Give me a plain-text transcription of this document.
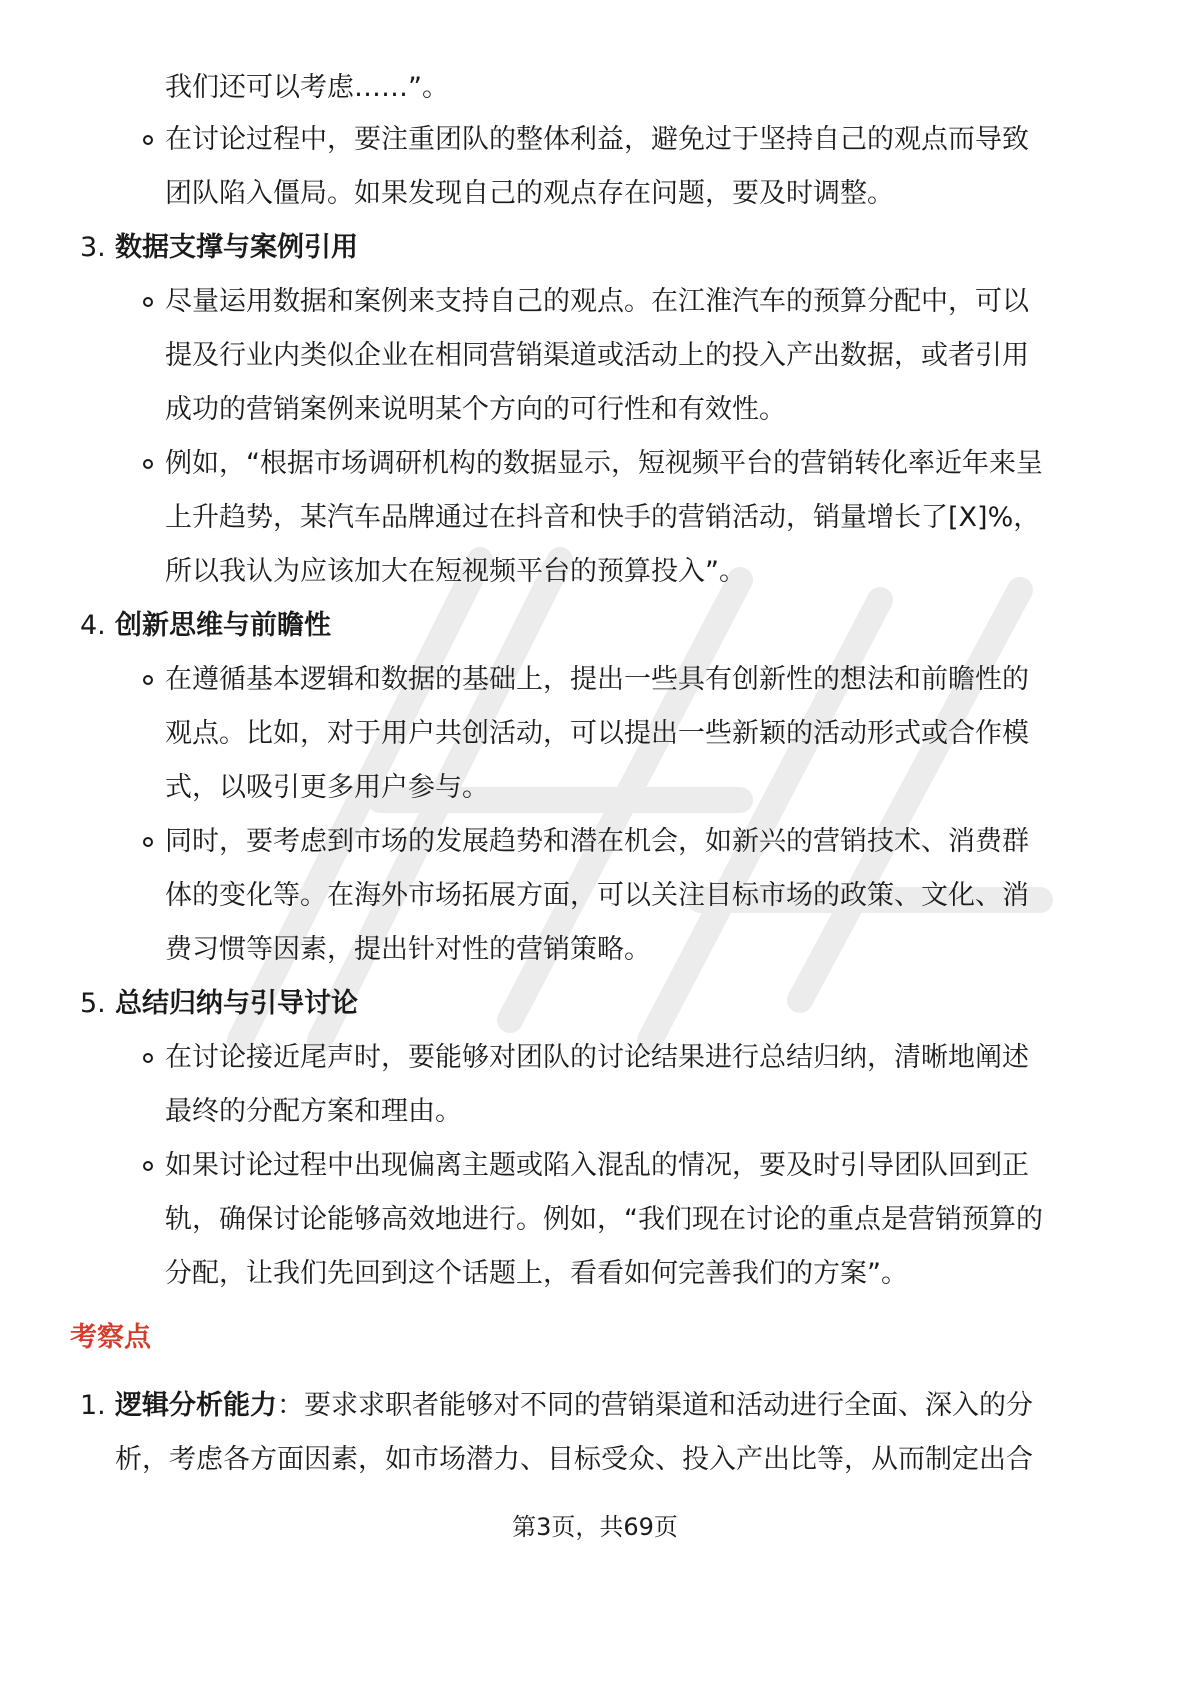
我们还可以考虑……”。
在讨论过程中，要注重团队的整体利益，避免过于坚持自己的观点而导致
团队陷入僵局。如果发现自己的观点存在问题，要及时调整。
3. 数据支撑与案例引用
尽量运用数据和案例来支持自己的观点。在江淮汽车的预算分配中，可以
提及行业内类似企业在相同营销渠道或活动上的投入产出数据，或者引用
成功的营销案例来说明某个方向的可行性和有效性。
例如，“根据市场调研机构的数据显示，短视频平台的营销转化率近年来呈
上升趋势，某汽车品牌通过在抖音和快手的营销活动，销量增长了[X]%，
所以我认为应该加大在短视频平台的预算投入”。
4. 创新思维与前瞻性
在遵循基本逻辑和数据的基础上，提出一些具有创新性的想法和前瞻性的
观点。比如，对于用户共创活动，可以提出一些新颖的活动形式或合作模
式，以吸引更多用户参与。
同时，要考虑到市场的发展趋势和潜在机会，如新兴的营销技术、消费群
体的变化等。在海外市场拓展方面，可以关注目标市场的政策、文化、消
费习惯等因素，提出针对性的营销策略。
5. 总结归纳与引导讨论
在讨论接近尾声时，要能够对团队的讨论结果进行总结归纳，清晰地阐述
最终的分配方案和理由。
如果讨论过程中出现偏离主题或陷入混乱的情况，要及时引导团队回到正
轨，确保讨论能够高效地进行。例如，“我们现在讨论的重点是营销预算的
分配，让我们先回到这个话题上，看看如何完善我们的方案”。
考察点
1. 逻辑分析能力：要求求职者能够对不同的营销渠道和活动进行全面、深入的分
析，考虑各方面因素，如市场潜力、目标受众、投入产出比等，从而制定出合
第3页，共69页
